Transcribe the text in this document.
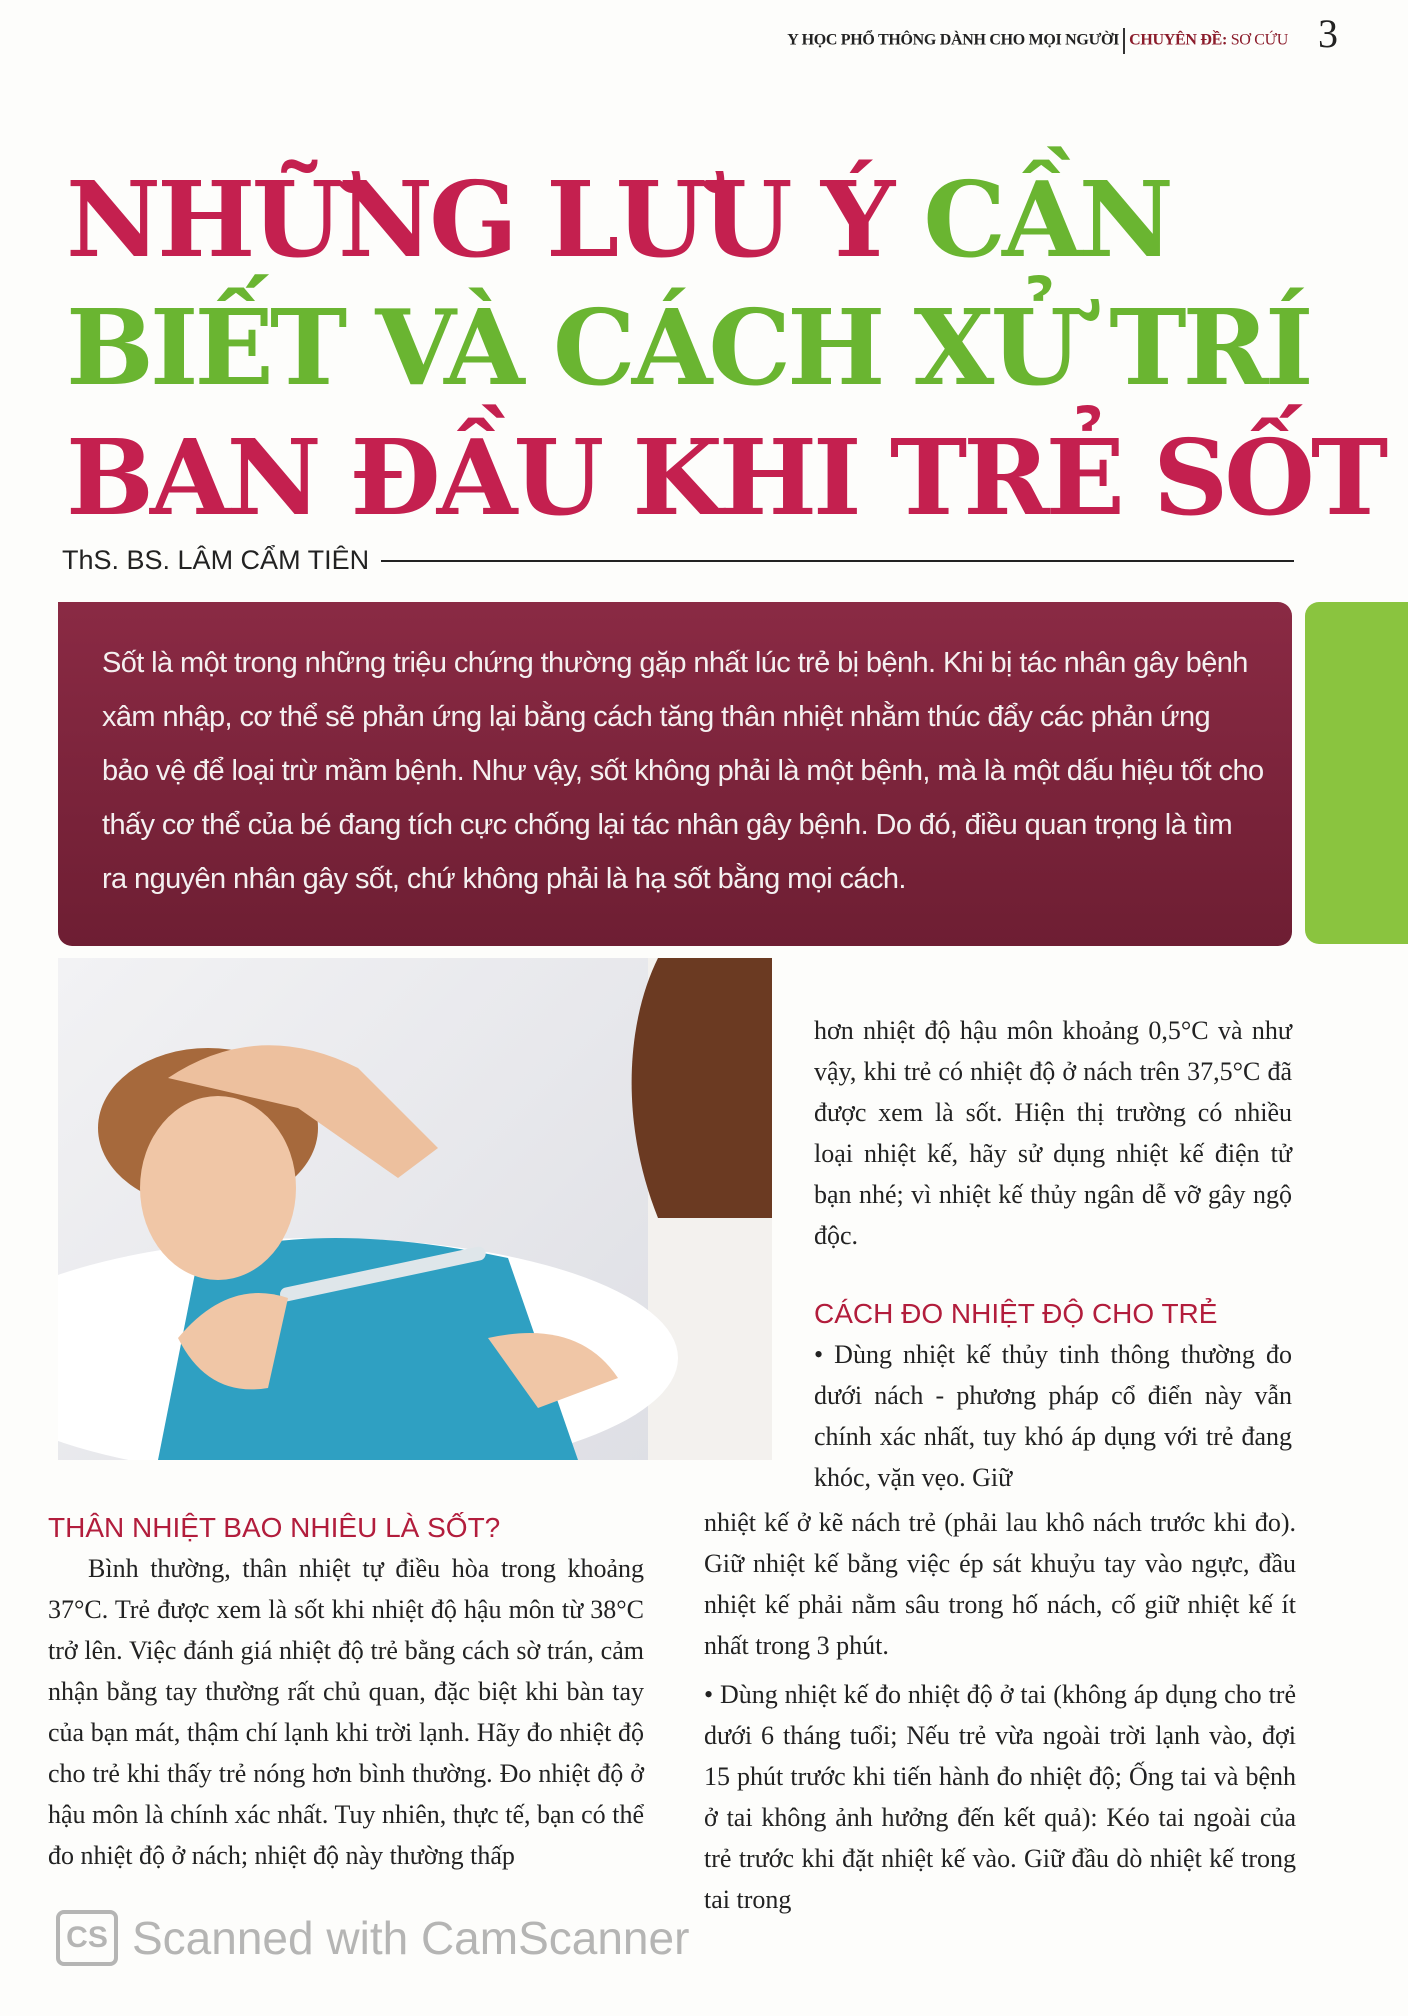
Y HỌC PHỔ THÔNG DÀNH CHO MỌI NGƯỜI CHUYÊN ĐỀ: SƠ CỨU 3
NHỮNG LƯU Ý CẦN
BIẾT VÀ CÁCH XỬ TRÍ
BAN ĐẦU KHI TRẺ SỐT
ThS. BS. LÂM CẨM TIÊN
Sốt là một trong những triệu chứng thường gặp nhất lúc trẻ bị bệnh. Khi bị tác nhân gây bệnh xâm nhập, cơ thể sẽ phản ứng lại bằng cách tăng thân nhiệt nhằm thúc đẩy các phản ứng bảo vệ để loại trừ mầm bệnh. Như vậy, sốt không phải là một bệnh, mà là một dấu hiệu tốt cho thấy cơ thể của bé đang tích cực chống lại tác nhân gây bệnh. Do đó, điều quan trọng là tìm ra nguyên nhân gây sốt, chứ không phải là hạ sốt bằng mọi cách.

hơn nhiệt độ hậu môn khoảng 0,5°C và như vậy, khi trẻ có nhiệt độ ở nách trên 37,5°C đã được xem là sốt. Hiện thị trường có nhiều loại nhiệt kế, hãy sử dụng nhiệt kế điện tử bạn nhé; vì nhiệt kế thủy ngân dễ vỡ gây ngộ độc.

CÁCH ĐO NHIỆT ĐỘ CHO TRẺ

• Dùng nhiệt kế thủy tinh thông thường đo dưới nách - phương pháp cổ điển này vẫn chính xác nhất, tuy khó áp dụng với trẻ đang khóc, vặn vẹo. Giữ

nhiệt kế ở kẽ nách trẻ (phải lau khô nách trước khi đo). Giữ nhiệt kế bằng việc ép sát khuỷu tay vào ngực, đầu nhiệt kế phải nằm sâu trong hố nách, cố giữ nhiệt kế ít nhất trong 3 phút.

• Dùng nhiệt kế đo nhiệt độ ở tai (không áp dụng cho trẻ dưới 6 tháng tuổi; Nếu trẻ vừa ngoài trời lạnh vào, đợi 15 phút trước khi tiến hành đo nhiệt độ; Ống tai và bệnh ở tai không ảnh hưởng đến kết quả): Kéo tai ngoài của trẻ trước khi đặt nhiệt kế vào. Giữ đầu dò nhiệt kế trong tai trong

THÂN NHIỆT BAO NHIÊU LÀ SỐT?

Bình thường, thân nhiệt tự điều hòa trong khoảng 37°C. Trẻ được xem là sốt khi nhiệt độ hậu môn từ 38°C trở lên. Việc đánh giá nhiệt độ trẻ bằng cách sờ trán, cảm nhận bằng tay thường rất chủ quan, đặc biệt khi bàn tay của bạn mát, thậm chí lạnh khi trời lạnh. Hãy đo nhiệt độ cho trẻ khi thấy trẻ nóng hơn bình thường. Đo nhiệt độ ở hậu môn là chính xác nhất. Tuy nhiên, thực tế, bạn có thể đo nhiệt độ ở nách; nhiệt độ này thường thấp

CS Scanned with CamScanner
